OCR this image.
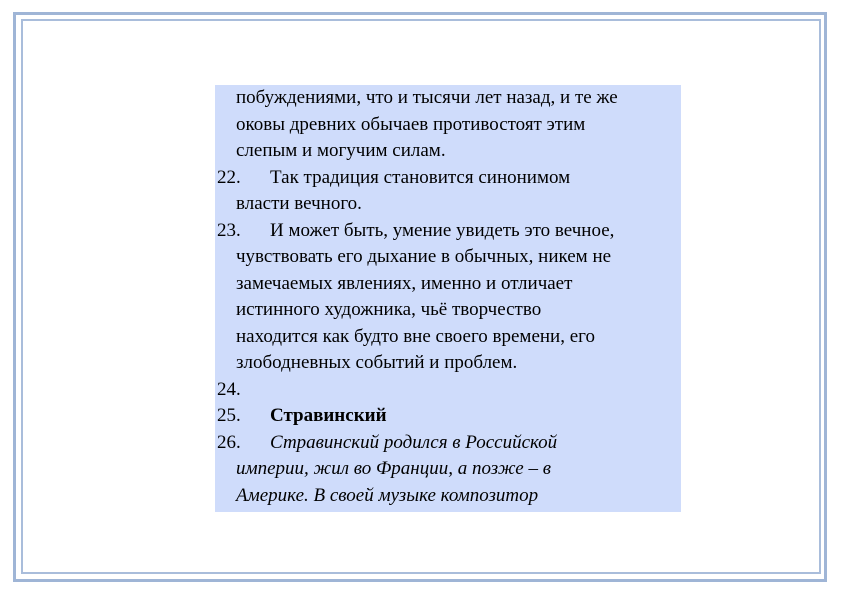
побуждениями, что и тысячи лет назад, и те же
оковы древних обычаев противостоят этим
слепым и могучим силам.
22. Так традиция становится синонимом
власти вечного.
23. И может быть, умение увидеть это вечное,
чувствовать его дыхание в обычных, никем не
замечаемых явлениях, именно и отличает
истинного художника, чьё творчество
находится как будто вне своего времени, его
злободневных событий и проблем.
24.
25. Стравинский
26. Стравинский родился в Российской
империи, жил во Франции, а позже – в
Америке. В своей музыке композитор
